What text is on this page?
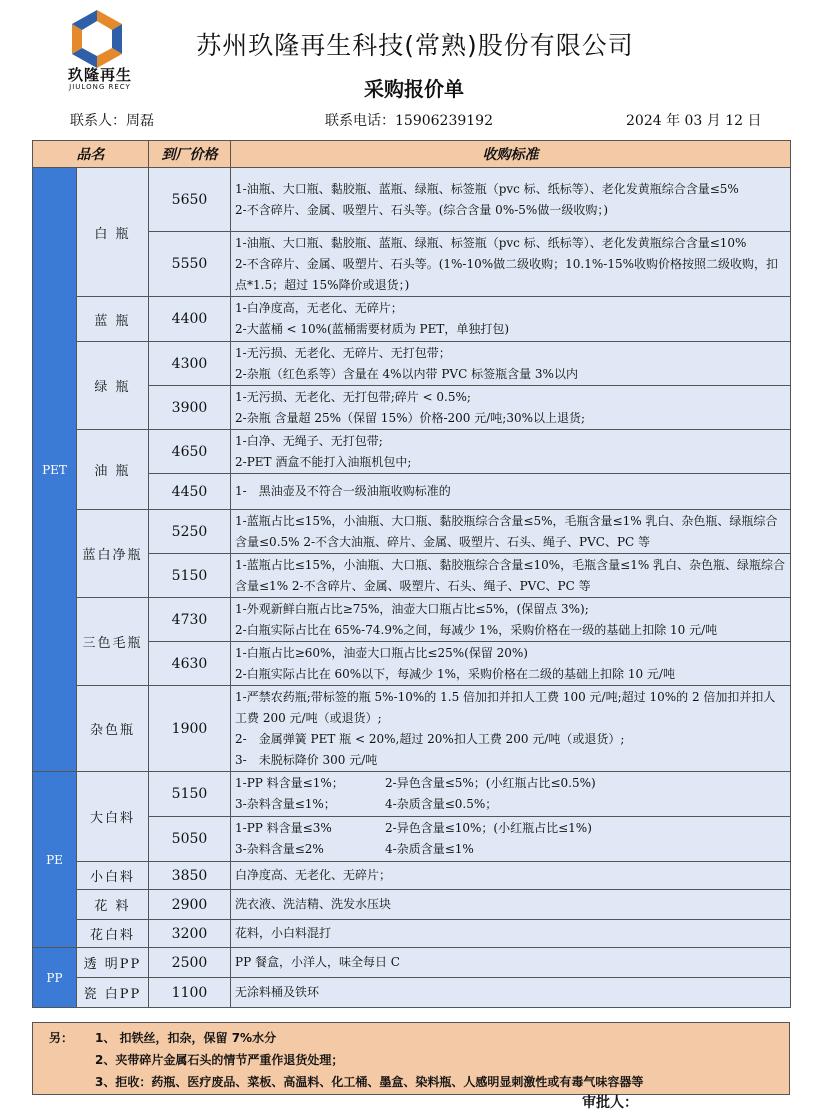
玖隆再生
JIULONG RECY
苏州玖隆再生科技(常熟)股份有限公司
采购报价单
联系人：周磊	联系电话：15906239192	2024 年 03 月 12 日
品名		到厂价格	收购标准
PET	白 瓶	5650	1-油瓶、大口瓶、黏胶瓶、蓝瓶、绿瓶、标签瓶（pvc 标、纸标等）、老化发黄瓶综合含量≤5%
2-不含碎片、金属、吸塑片、石头等。(综合含量 0%-5%做一级收购；)

		5550	1-油瓶、大口瓶、黏胶瓶、蓝瓶、绿瓶、标签瓶（pvc 标、纸标等）、老化发黄瓶综合含量≤10%
2-不含碎片、金属、吸塑片、石头等。(1%-10%做二级收购；10.1%-15%收购价格按照二级收购，扣点*1.5；超过 15%降价或退货；)

	蓝 瓶	4400	1-白净度高，无老化、无碎片；
2-大蓝桶 < 10%(蓝桶需要材质为 PET，单独打包)

	绿 瓶	4300	1-无污损、无老化、无碎片、无打包带；
2-杂瓶（红色系等）含量在 4%以内带 PVC 标签瓶含量 3%以内

		3900	1-无污损、无老化、无打包带;碎片 < 0.5%;
2-杂瓶 含量超 25%（保留 15%）价格-200 元/吨;30%以上退货;

	油 瓶	4650	1-白净、无绳子、无打包带;
2-PET 酒盒不能打入油瓶机包中;

		4450	1-　黑油壶及不符合一级油瓶收购标准的

	蓝白净瓶	5250	1-蓝瓶占比≤15%，小油瓶、大口瓶、黏胶瓶综合含量≤5%，毛瓶含量≤1% 乳白、杂色瓶、绿瓶综合含量≤0.5% 2-不含大油瓶、碎片、金属、吸塑片、石头、绳子、PVC、PC 等
		5150	1-蓝瓶占比≤15%，小油瓶、大口瓶、黏胶瓶综合含量≤10%，毛瓶含量≤1% 乳白、杂色瓶、绿瓶综合含量≤1% 2-不含碎片、金属、吸塑片、石头、绳子、PVC、PC 等
	三色毛瓶	4730	1-外观新鲜白瓶占比≥75%，油壶大口瓶占比≤5%，(保留点 3%);
2-白瓶实际占比在 65%-74.9%之间，每减少 1%，采购价格在一级的基础上扣除 10 元/吨

		4630	1-白瓶占比≥60%，油壶大口瓶占比≤25%(保留 20%)
2-白瓶实际占比在 60%以下，每减少 1%，采购价格在二级的基础上扣除 10 元/吨

	杂色瓶	1900	1-严禁农药瓶;带标签的瓶 5%-10%的 1.5 倍加扣并扣人工费 100 元/吨;超过 10%的 2 倍加扣并扣人工费 200 元/吨（或退货）;
2-　金属弹簧 PET 瓶 < 20%,超过 20%扣人工费 200 元/吨（或退货）;
3-　未脱标降价 300 元/吨

PE	大白料	5150	1-PP 料含量≤1%； 2-异色含量≤5%；(小红瓶占比≤0.5%)
3-杂料含量≤1%； 4-杂质含量≤0.5%；

		5050	1-PP 料含量≤3% 2-异色含量≤10%；(小红瓶占比≤1%)
3-杂料含量≤2% 4-杂质含量≤1%

	小白料	3850	白净度高、无老化、无碎片；
	花 料	2900	洗衣液、洗洁精、洗发水压块
	花白料	3200	花料，小白料混打
PP	透 明PP	2500	PP 餐盒，小洋人，味全每日 C
	瓷 白PP	1100	无涂料桶及铁环
另： 1、 扣铁丝，扣杂，保留 7%水分
2、夹带碎片金属石头的情节严重作退货处理；
3、拒收：药瓶、医疗废品、菜板、高温料、化工桶、墨盒、染料瓶、人感明显刺激性或有毒气味容器等
审批人：
